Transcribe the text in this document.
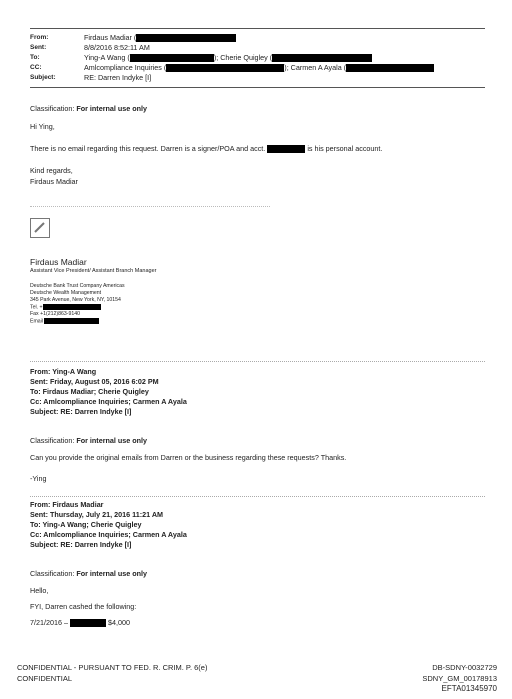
From:	Firdaus Madiar (
Sent:	8/8/2016 8:52:11 AM
To:	Ying-A Wang (	); Cherie Quigley (
CC:	Amlcompliance Inquiries (	); Carmen A Ayala (
Subject:	RE: Darren Indyke [I]
Classification: For internal use only
Hi Ying,
There is no email regarding this request. Darren is a signer/POA and acct.	is his personal account.
Kind regards,
Firdaus Madiar
Firdaus Madiar
Assistant Vice President/ Assistant Branch Manager
Deutsche Bank Trust Company Americas
Deutsche Wealth Management
345 Park Avenue, New York, NY, 10154
Tel. +
Fax +1(212)863-9140
Email
From: Ying-A Wang
Sent: Friday, August 05, 2016 6:02 PM
To: Firdaus Madiar; Cherie Quigley
Cc: Amlcompliance Inquiries; Carmen A Ayala
Subject: RE: Darren Indyke [I]
Classification: For internal use only
Can you provide the original emails from Darren or the business regarding these requests? Thanks.
-Ying
From: Firdaus Madiar
Sent: Thursday, July 21, 2016 11:21 AM
To: Ying-A Wang; Cherie Quigley
Cc: Amlcompliance Inquiries; Carmen A Ayala
Subject: RE: Darren Indyke [I]
Classification: For internal use only
Hello,
FYI, Darren cashed the following:
7/21/2016 –	$4,000
CONFIDENTIAL - PURSUANT TO FED. R. CRIM. P. 6(e)
CONFIDENTIAL
DB-SDNY-0032729
SDNY_GM_00178913
EFTA01345970
